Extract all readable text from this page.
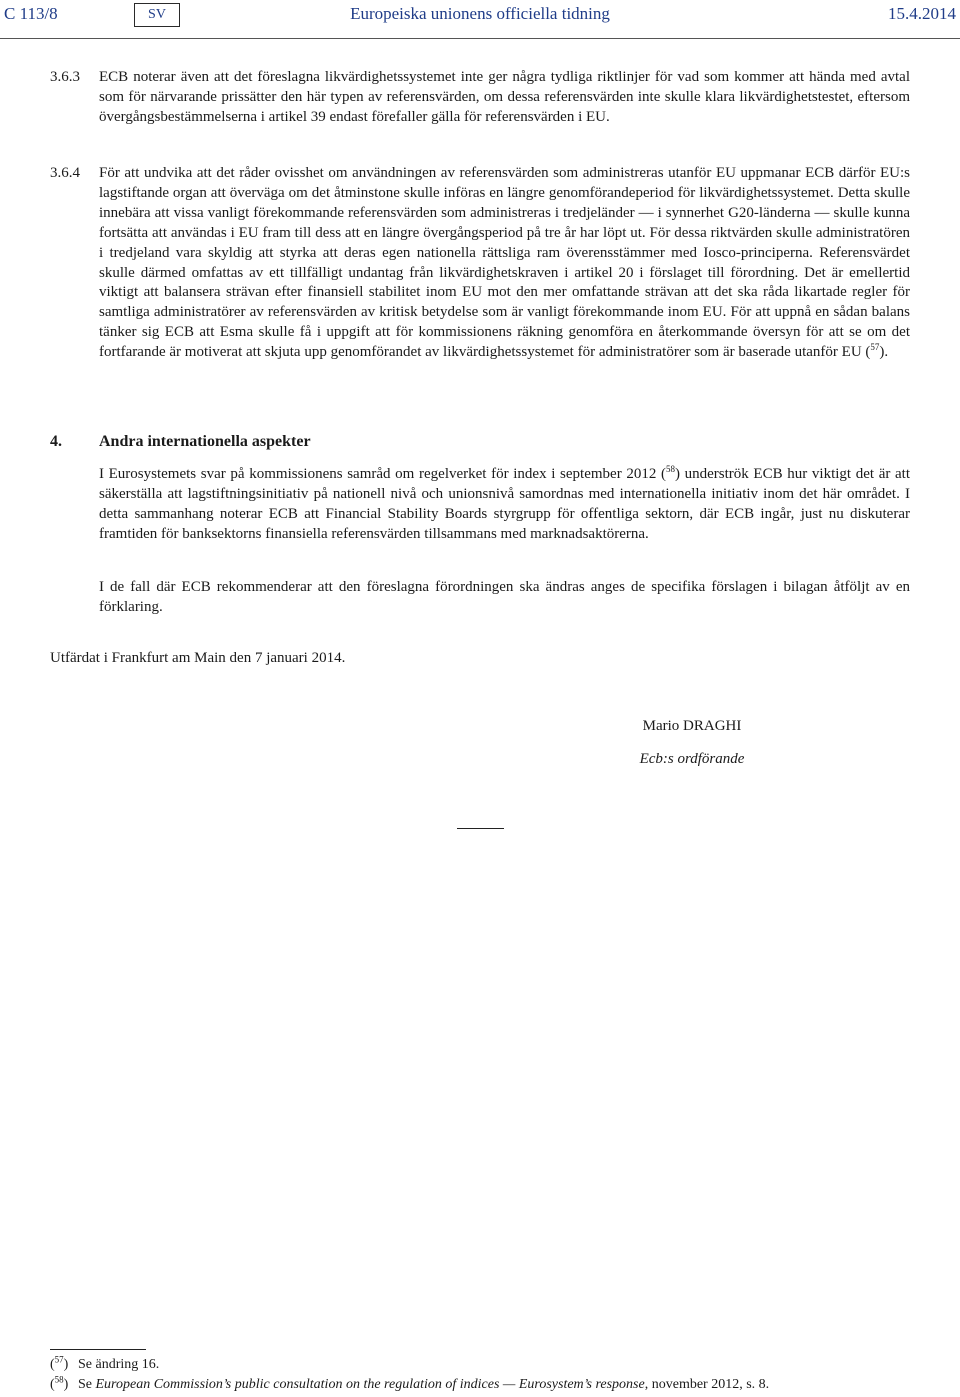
C 113/8	SV	Europeiska unionens officiella tidning	15.4.2014
3.6.3 ECB noterar även att det föreslagna likvärdighetssystemet inte ger några tydliga riktlinjer för vad som kommer att hända med avtal som för närvarande prissätter den här typen av referensvärden, om dessa referensvärden inte skulle klara likvärdighetstestet, eftersom övergångsbestämmelserna i artikel 39 endast förefaller gälla för referensvärden i EU.
3.6.4 För att undvika att det råder ovisshet om användningen av referensvärden som administreras utanför EU uppmanar ECB därför EU:s lagstiftande organ att överväga om det åtminstone skulle införas en längre genomförandeperiod för likvärdighetssystemet. Detta skulle innebära att vissa vanligt förekommande referensvärden som administreras i tredjeländer — i synnerhet G20-länderna — skulle kunna fortsätta att användas i EU fram till dess att en längre övergångsperiod på tre år har löpt ut. För dessa riktvärden skulle administratören i tredjeland vara skyldig att styrka att deras egen nationella rättsliga ram överensstämmer med Iosco-principerna. Referensvärdet skulle därmed omfattas av ett tillfälligt undantag från likvärdighetskraven i artikel 20 i förslaget till förordning. Det är emellertid viktigt att balansera strävan efter finansiell stabilitet inom EU mot den mer omfattande strävan att det ska råda likartade regler för samtliga administratörer av referensvärden av kritisk betydelse som är vanligt förekommande inom EU. För att uppnå en sådan balans tänker sig ECB att Esma skulle få i uppgift att för kommissionens räkning genomföra en återkommande översyn för att se om det fortfarande är motiverat att skjuta upp genomförandet av likvärdighetssystemet för administratörer som är baserade utanför EU ($^{57}$).
4. Andra internationella aspekter
I Eurosystemets svar på kommissionens samråd om regelverket för index i september 2012 ($^{58}$) underströk ECB hur viktigt det är att säkerställa att lagstiftningsinitiativ på nationell nivå och unionsnivå samordnas med internationella initiativ inom det här området. I detta sammanhang noterar ECB att Financial Stability Boards styrgrupp för offentliga sektorn, där ECB ingår, just nu diskuterar framtiden för banksektorns finansiella referensvärden tillsammans med marknadsaktörerna.
I de fall där ECB rekommenderar att den föreslagna förordningen ska ändras anges de specifika förslagen i bilagan åtföljt av en förklaring.
Utfärdat i Frankfurt am Main den 7 januari 2014.
Mario DRAGHI
Ecb:s ordförande
($^{57}$) Se ändring 16.
($^{58}$) Se European Commission’s public consultation on the regulation of indices — Eurosystem’s response, november 2012, s. 8.
